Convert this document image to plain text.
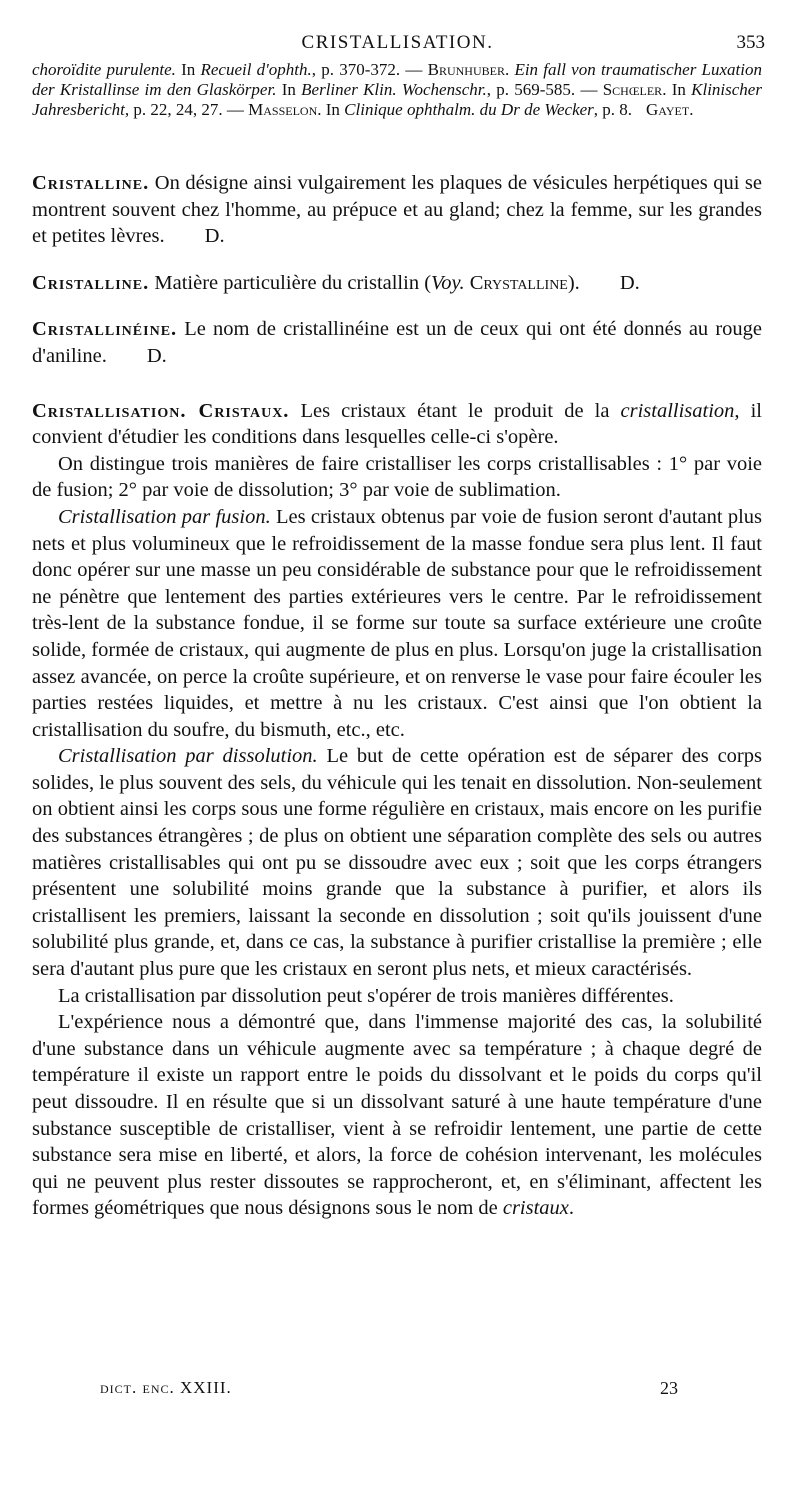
CRISTALLISATION.	353
choroïdite purulente. In Recueil d'ophth., p. 370-372. — Brunhuber. Ein fall von traumatischer Luxation der Kristallinse im den Glaskörper. In Berliner Klin. Wochenschr., p. 569-585. — Schœler. In Klinischer Jahresbericht, p. 22, 24, 27. — Masselon. In Clinique ophthalm. du Dr de Wecker, p. 8. Gayet.

Cristalline. On désigne ainsi vulgairement les plaques de vésicules herpétiques qui se montrent souvent chez l'homme, au prépuce et au gland; chez la femme, sur les grandes et petites lèvres. D.

Cristalline. Matière particulière du cristallin (Voy. Crystalline). D.

Cristallinéine. Le nom de cristallinéine est un de ceux qui ont été donnés au rouge d'aniline. D.

Cristallisation. Cristaux. Les cristaux étant le produit de la cristallisation, il convient d'étudier les conditions dans lesquelles celle-ci s'opère.

On distingue trois manières de faire cristalliser les corps cristallisables : 1° par voie de fusion; 2° par voie de dissolution; 3° par voie de sublimation.

Cristallisation par fusion. Les cristaux obtenus par voie de fusion seront d'autant plus nets et plus volumineux que le refroidissement de la masse fondue sera plus lent. Il faut donc opérer sur une masse un peu considérable de substance pour que le refroidissement ne pénètre que lentement des parties extérieures vers le centre. Par le refroidissement très-lent de la substance fondue, il se forme sur toute sa surface extérieure une croûte solide, formée de cristaux, qui augmente de plus en plus. Lorsqu'on juge la cristallisation assez avancée, on perce la croûte supérieure, et on renverse le vase pour faire écouler les parties restées liquides, et mettre à nu les cristaux. C'est ainsi que l'on obtient la cristallisation du soufre, du bismuth, etc., etc.

Cristallisation par dissolution. Le but de cette opération est de séparer des corps solides, le plus souvent des sels, du véhicule qui les tenait en dissolution. Non-seulement on obtient ainsi les corps sous une forme régulière en cristaux, mais encore on les purifie des substances étrangères ; de plus on obtient une séparation complète des sels ou autres matières cristallisables qui ont pu se dissoudre avec eux ; soit que les corps étrangers présentent une solubilité moins grande que la substance à purifier, et alors ils cristallisent les premiers, laissant la seconde en dissolution ; soit qu'ils jouissent d'une solubilité plus grande, et, dans ce cas, la substance à purifier cristallise la première ; elle sera d'autant plus pure que les cristaux en seront plus nets, et mieux caractérisés.

La cristallisation par dissolution peut s'opérer de trois manières différentes.

L'expérience nous a démontré que, dans l'immense majorité des cas, la solubilité d'une substance dans un véhicule augmente avec sa température ; à chaque degré de température il existe un rapport entre le poids du dissolvant et le poids du corps qu'il peut dissoudre. Il en résulte que si un dissolvant saturé à une haute température d'une substance susceptible de cristalliser, vient à se refroidir lentement, une partie de cette substance sera mise en liberté, et alors, la force de cohésion intervenant, les molécules qui ne peuvent plus rester dissoutes se rapprocheront, et, en s'éliminant, affectent les formes géométriques que nous désignons sous le nom de cristaux.

dict. enc. XXIII.	23
